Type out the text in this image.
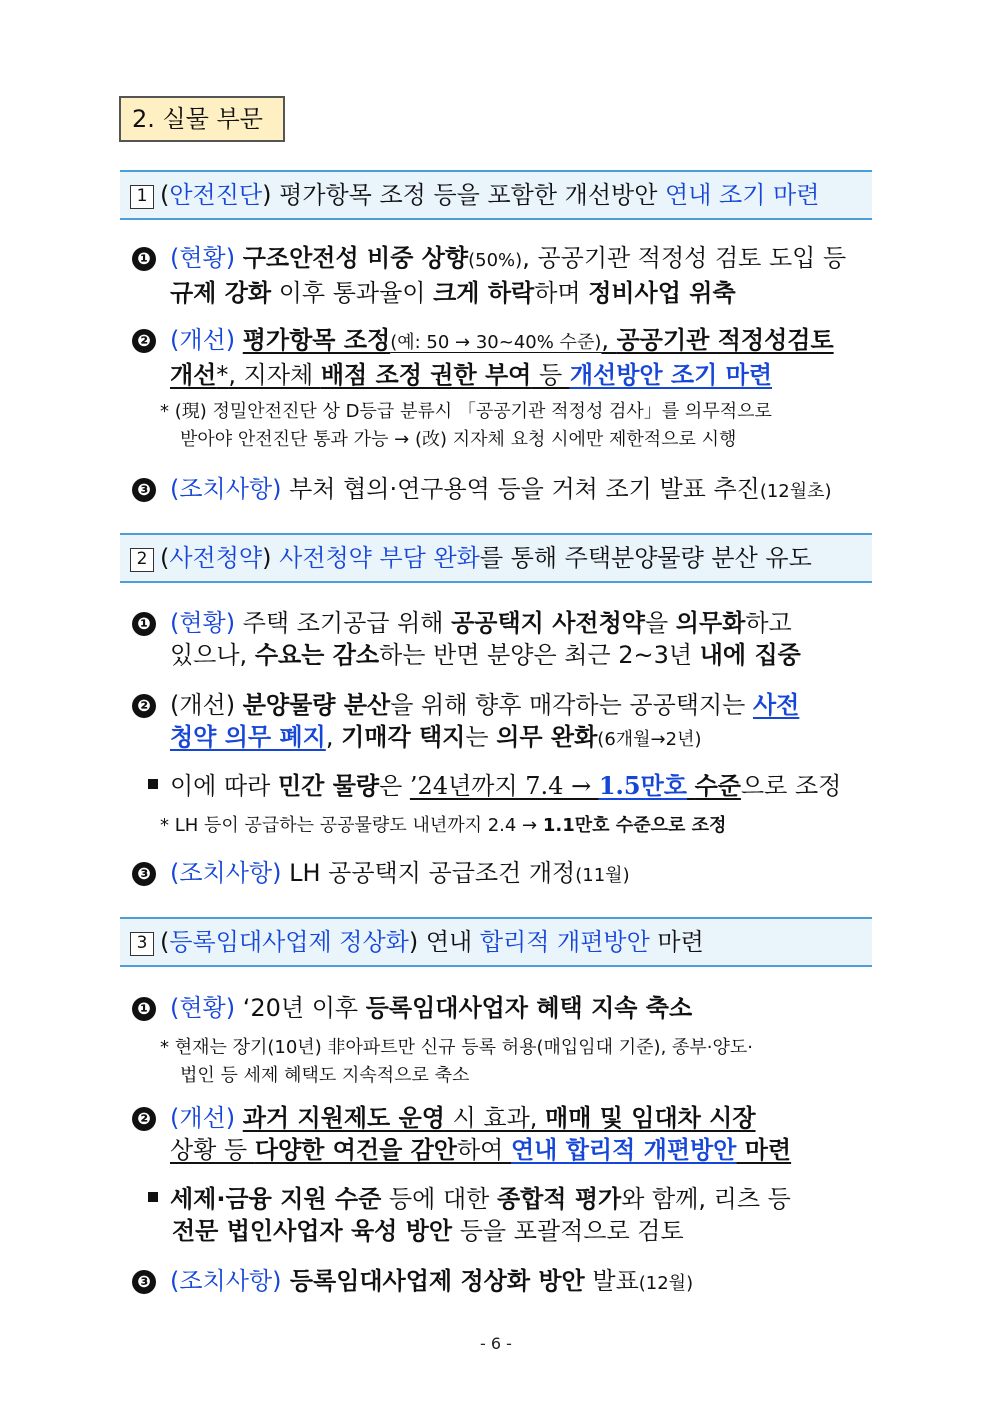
2. 실물 부문
1 (안전진단) 평가항목 조정 등을 포함한 개선방안 연내 조기 마련
❶ (현황) 구조안전성 비중 상향(50%), 공공기관 적정성 검토 도입 등
규제 강화 이후 통과율이 크게 하락하며 정비사업 위축
❷ (개선) 평가항목 조정(예: 50 → 30~40% 수준), 공공기관 적정성검토
개선*, 지자체 배점 조정 권한 부여 등 개선방안 조기 마련
* (現) 정밀안전진단 상 D등급 분류시 「공공기관 적정성 검사」를 의무적으로
받아야 안전진단 통과 가능 → (改) 지자체 요청 시에만 제한적으로 시행
❸ (조치사항) 부처 협의·연구용역 등을 거쳐 조기 발표 추진(12월초)
2 (사전청약) 사전청약 부담 완화를 통해 주택분양물량 분산 유도
❶ (현황) 주택 조기공급 위해 공공택지 사전청약을 의무화하고
있으나, 수요는 감소하는 반면 분양은 최근 2~3년 내에 집중
❷ (개선) 분양물량 분산을 위해 향후 매각하는 공공택지는 사전
청약 의무 폐지, 기매각 택지는 의무 완화(6개월→2년)
이에 따라 민간 물량은 ’24년까지 7.4 → 1.5만호 수준으로 조정
* LH 등이 공급하는 공공물량도 내년까지 2.4 → 1.1만호 수준으로 조정
❸ (조치사항) LH 공공택지 공급조건 개정(11월)
3 (등록임대사업제 정상화) 연내 합리적 개편방안 마련
❶ (현황) ‘20년 이후 등록임대사업자 혜택 지속 축소
* 현재는 장기(10년) 非아파트만 신규 등록 허용(매입임대 기준), 종부·양도·
법인 등 세제 혜택도 지속적으로 축소
❷ (개선) 과거 지원제도 운영 시 효과, 매매 및 임대차 시장
상황 등 다양한 여건을 감안하여 연내 합리적 개편방안 마련
세제·금융 지원 수준 등에 대한 종합적 평가와 함께, 리츠 등
전문 법인사업자 육성 방안 등을 포괄적으로 검토
❸ (조치사항) 등록임대사업제 정상화 방안 발표(12월)
- 6 -
